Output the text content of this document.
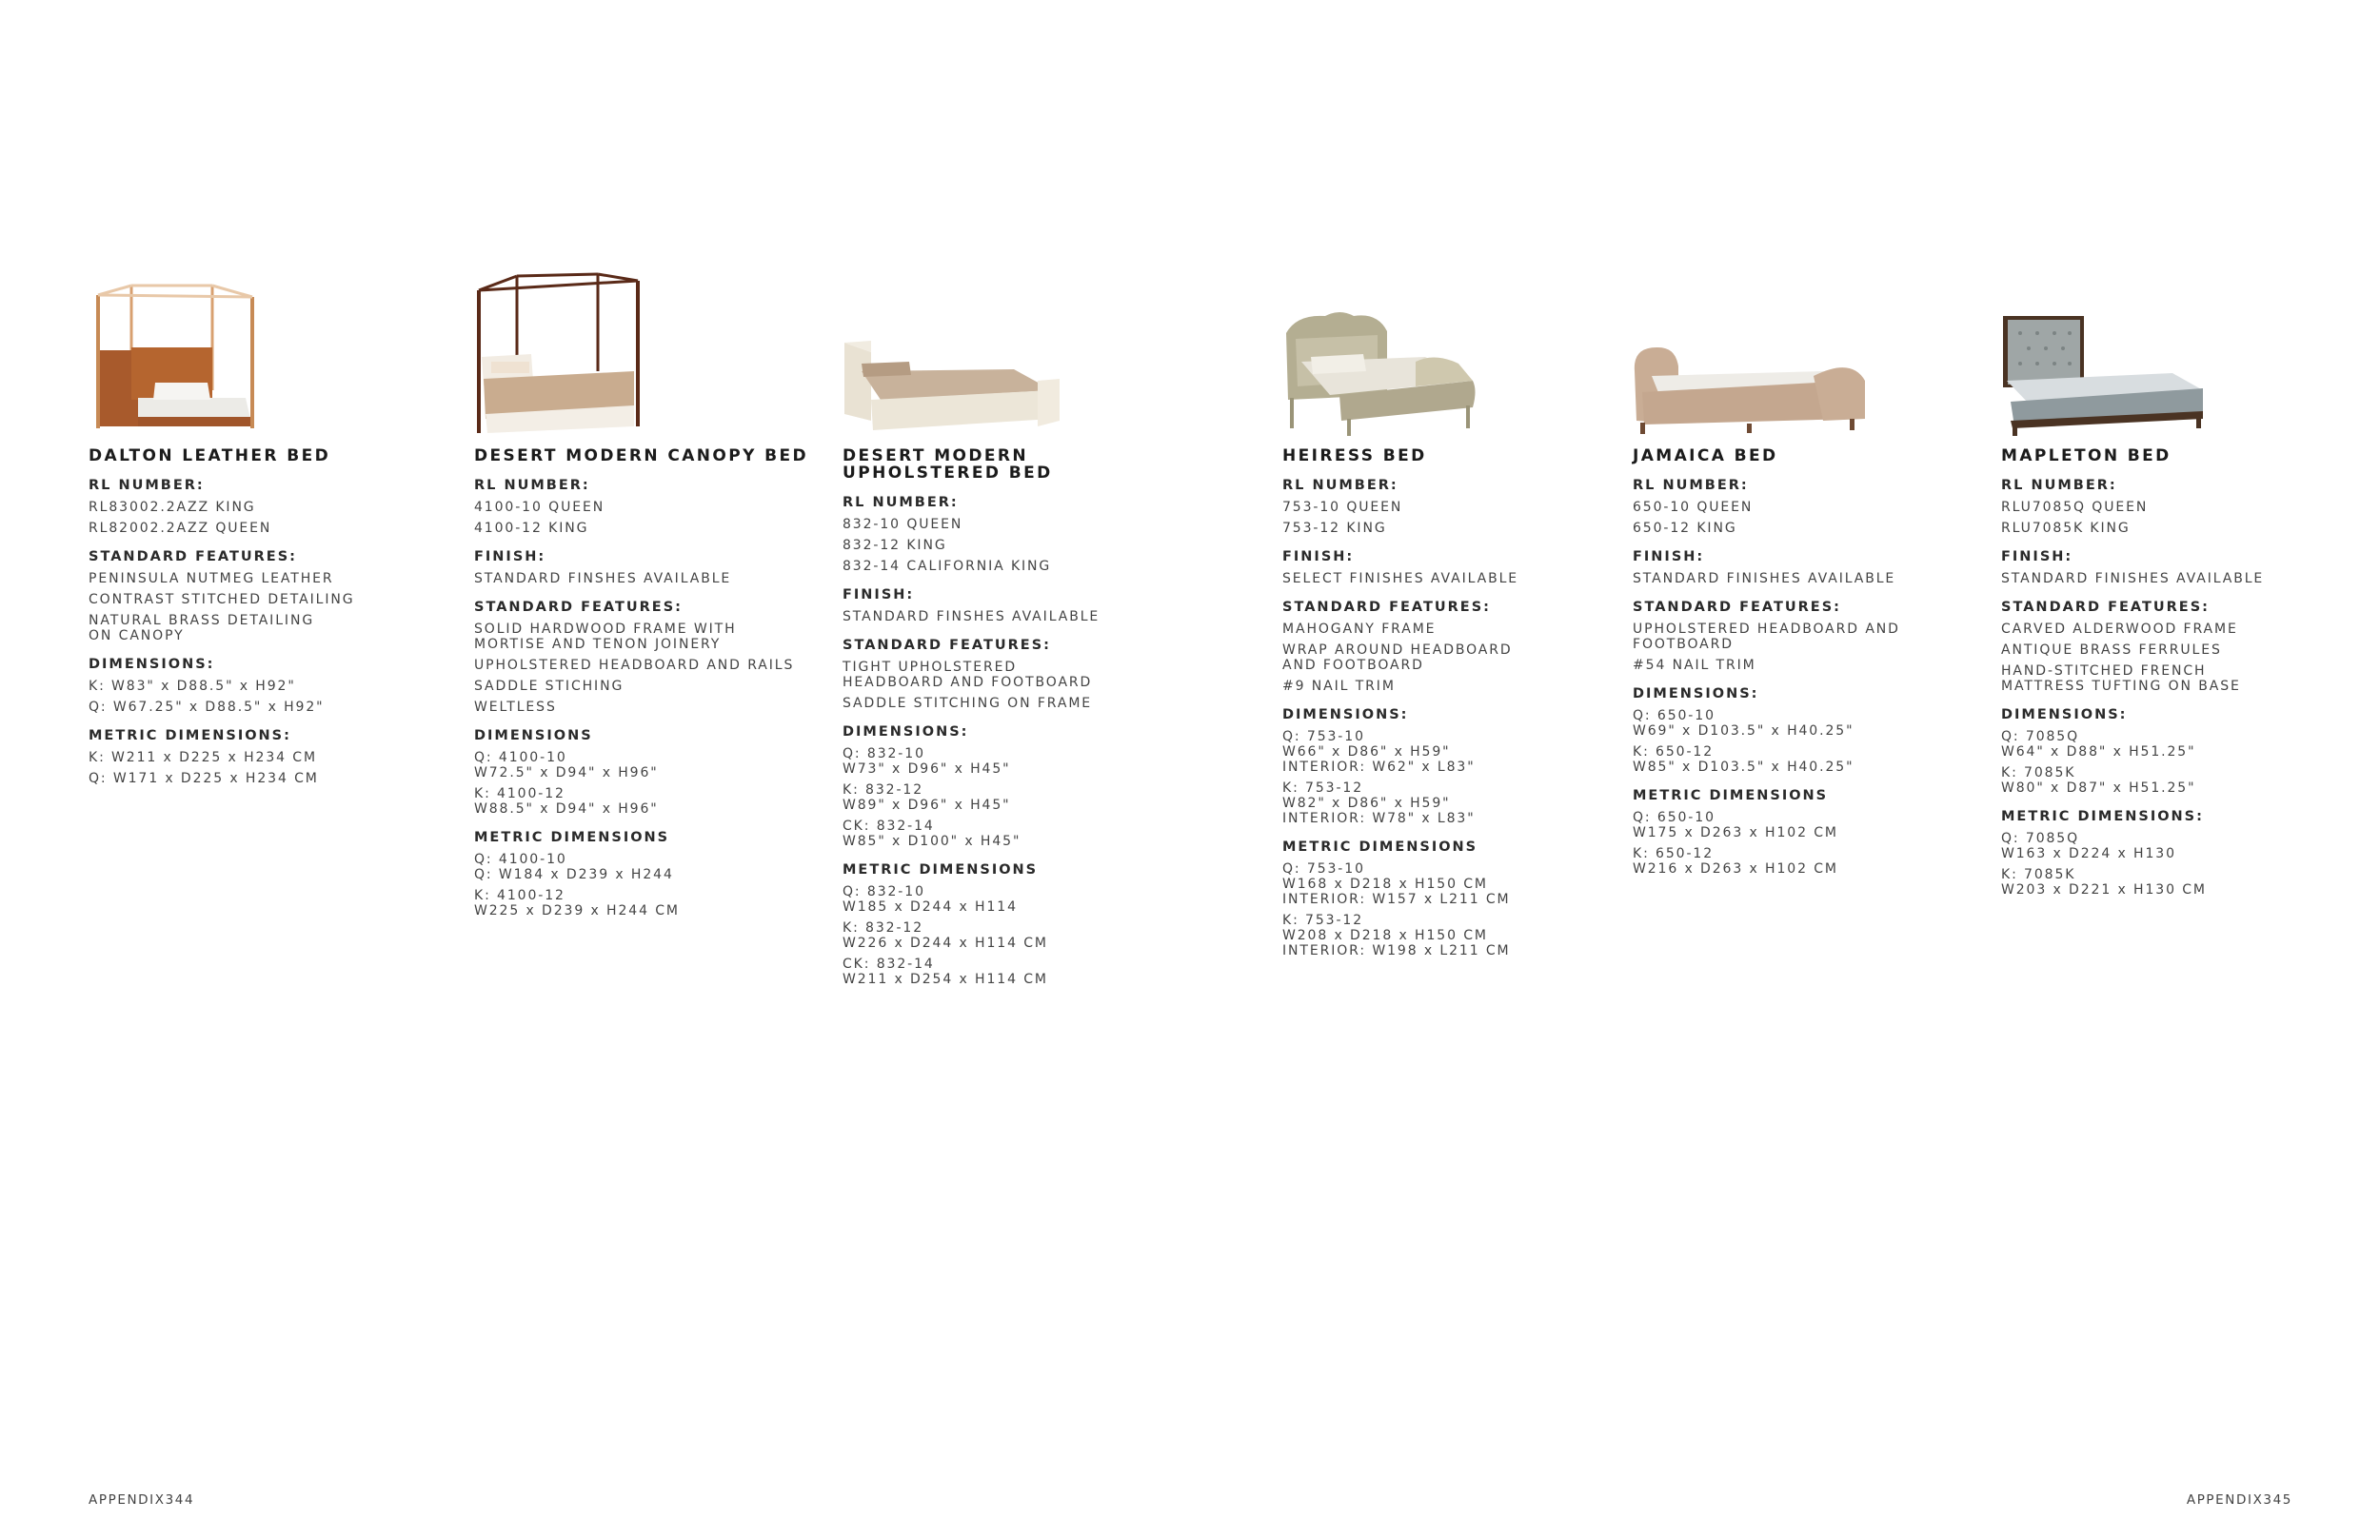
DALTON LEATHER BED
RL NUMBER:
RL83002.2AZZ KING
RL82002.2AZZ QUEEN
STANDARD FEATURES:
PENINSULA NUTMEG LEATHER
CONTRAST STITCHED DETAILING
NATURAL BRASS DETAILING
ON CANOPY
DIMENSIONS:
K: W83" x D88.5" x H92"
Q: W67.25" x D88.5" x H92"
METRIC DIMENSIONS:
K: W211 x D225 x H234 CM
Q: W171 x D225 x H234 CM
DESERT MODERN CANOPY BED
RL NUMBER:
4100-10 QUEEN
4100-12 KING
FINISH:
STANDARD FINSHES AVAILABLE
STANDARD FEATURES:
SOLID HARDWOOD FRAME WITH
MORTISE AND TENON JOINERY
UPHOLSTERED HEADBOARD AND RAILS
SADDLE STICHING
WELTLESS
DIMENSIONS
Q: 4100-10
W72.5" x D94" x H96"
K: 4100-12
W88.5" x D94" x H96"
METRIC DIMENSIONS
Q: 4100-10
Q: W184 x D239 x H244
K: 4100-12
W225 x D239 x H244 CM
DESERT MODERN
UPHOLSTERED BED
RL NUMBER:
832-10 QUEEN
832-12 KING
832-14 CALIFORNIA KING
FINISH:
STANDARD FINSHES AVAILABLE
STANDARD FEATURES:
TIGHT UPHOLSTERED
HEADBOARD AND FOOTBOARD
SADDLE STITCHING ON FRAME
DIMENSIONS:
Q: 832-10
W73" x D96" x H45"
K: 832-12
W89" x D96" x H45"
CK: 832-14
W85" x D100" x H45"
METRIC DIMENSIONS
Q: 832-10
W185 x D244 x H114
K: 832-12
W226 x D244 x H114 CM
CK: 832-14
W211 x D254 x H114 CM
HEIRESS BED
RL NUMBER:
753-10 QUEEN
753-12 KING
FINISH:
SELECT FINISHES AVAILABLE
STANDARD FEATURES:
MAHOGANY FRAME
WRAP AROUND HEADBOARD
AND FOOTBOARD
#9 NAIL TRIM
DIMENSIONS:
Q: 753-10
W66" x D86" x H59"
INTERIOR: W62" x L83"
K: 753-12
W82" x D86" x H59"
INTERIOR: W78" x L83"
METRIC DIMENSIONS
Q: 753-10
W168 x D218 x H150 CM
INTERIOR: W157 x L211 CM
K: 753-12
W208 x D218 x H150 CM
INTERIOR: W198 x L211 CM
JAMAICA BED
RL NUMBER:
650-10 QUEEN
650-12 KING
FINISH:
STANDARD FINISHES AVAILABLE
STANDARD FEATURES:
UPHOLSTERED HEADBOARD AND
FOOTBOARD
#54 NAIL TRIM
DIMENSIONS:
Q: 650-10
W69" x D103.5" x H40.25"
K: 650-12
W85" x D103.5" x H40.25"
METRIC DIMENSIONS
Q: 650-10
W175 x D263 x H102 CM
K: 650-12
W216 x D263 x H102 CM
MAPLETON BED
RL NUMBER:
RLU7085Q QUEEN
RLU7085K KING
FINISH:
STANDARD FINISHES AVAILABLE
STANDARD FEATURES:
CARVED ALDERWOOD FRAME
ANTIQUE BRASS FERRULES
HAND-STITCHED FRENCH
MATTRESS TUFTING ON BASE
DIMENSIONS:
Q: 7085Q
W64" x D88" x H51.25"
K: 7085K
W80" x D87" x H51.25"
METRIC DIMENSIONS:
Q: 7085Q
W163 x D224 x H130
K: 7085K
W203 x D221 x H130 CM
APPENDIX344	APPENDIX345
